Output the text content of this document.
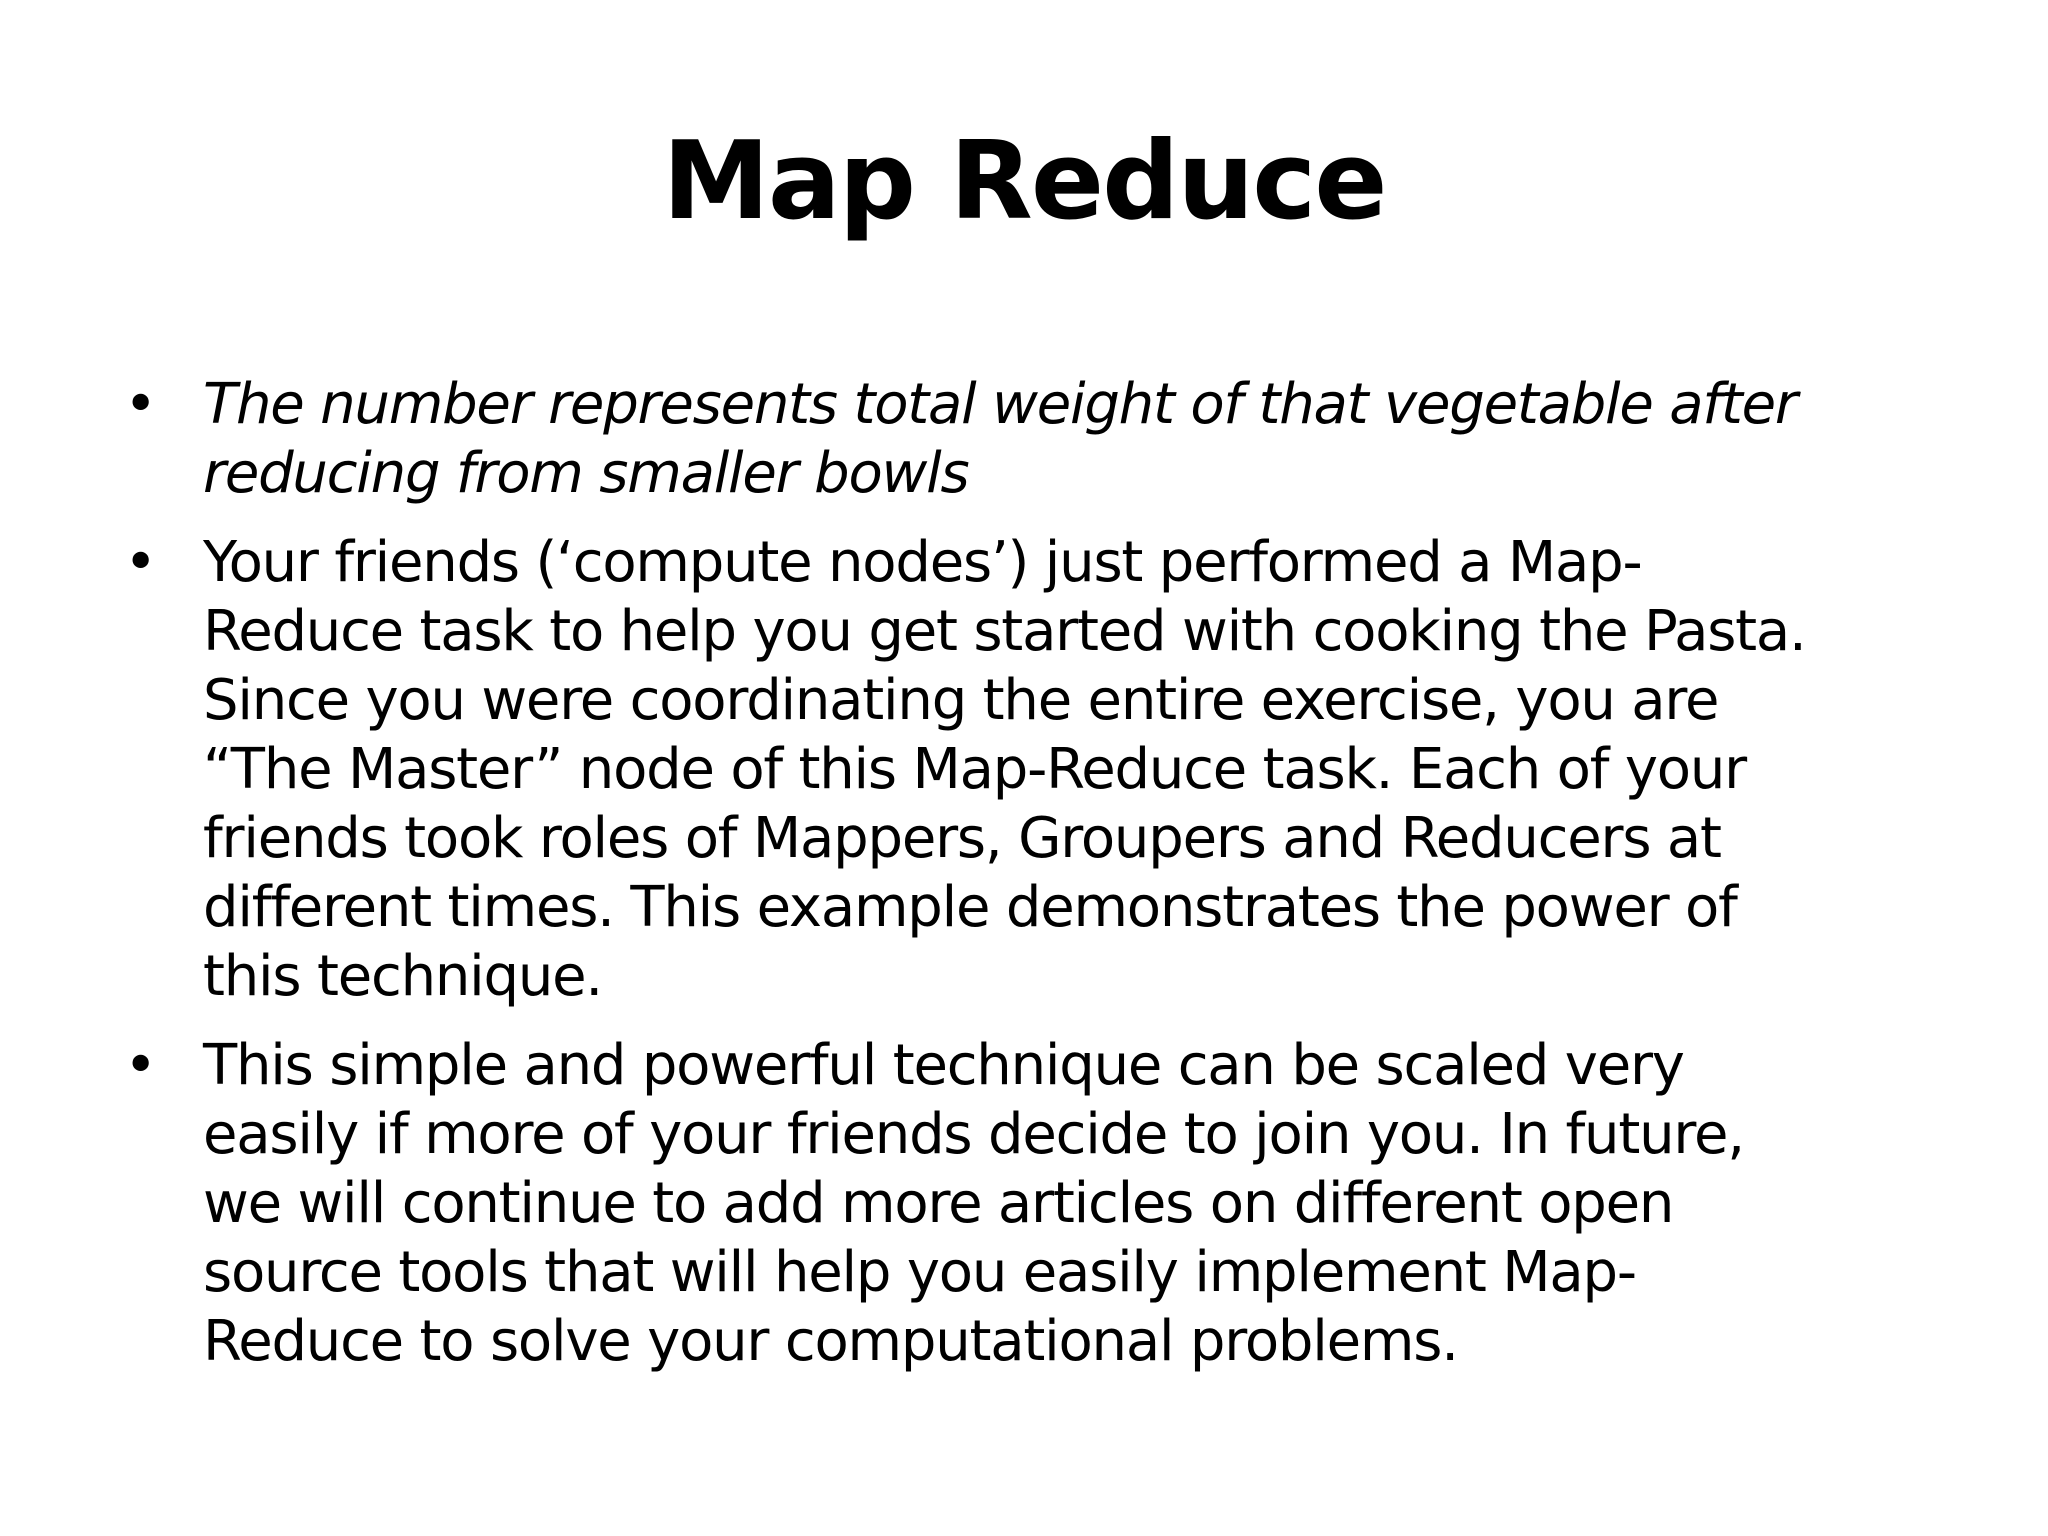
Map Reduce
• The number represents total weight of that vegetable after
reducing from smaller bowls
• Your friends (‘compute nodes’) just performed a Map-
Reduce task to help you get started with cooking the Pasta.
Since you were coordinating the entire exercise, you are
“The Master” node of this Map-Reduce task. Each of your
friends took roles of Mappers, Groupers and Reducers at
different times. This example demonstrates the power of
this technique.
• This simple and powerful technique can be scaled very
easily if more of your friends decide to join you. In future,
we will continue to add more articles on different open
source tools that will help you easily implement Map-
Reduce to solve your computational problems.
